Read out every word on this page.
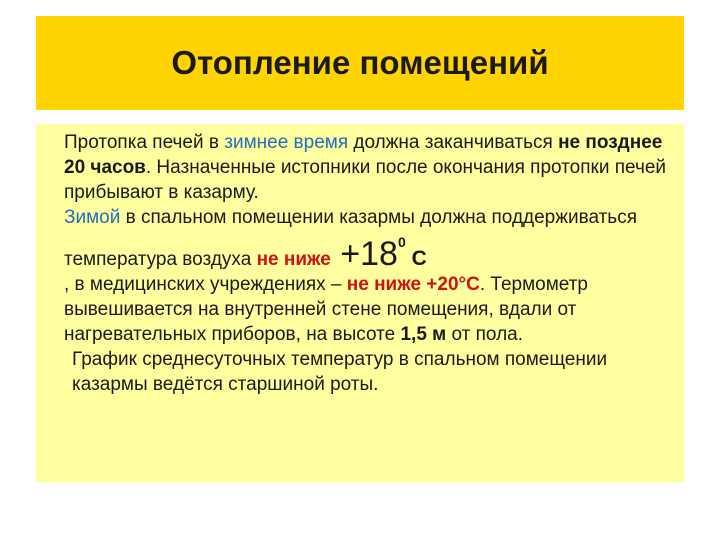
Отопление помещений

Протопка печей в зимнее время должна заканчиваться не позднее 20 часов. Назначенные истопники после окончания протопки печей прибывают в казарму.

Зимой в спальном помещении казармы должна поддерживаться температура воздуха не ниже $+18^0$ С
, в медицинских учреждениях – не ниже +20°С. Термометр вывешивается на внутренней стене помещения, вдали от нагревательных приборов, на высоте 1,5 м от пола.

График среднесуточных температур в спальном помещении казармы ведётся старшиной роты.
